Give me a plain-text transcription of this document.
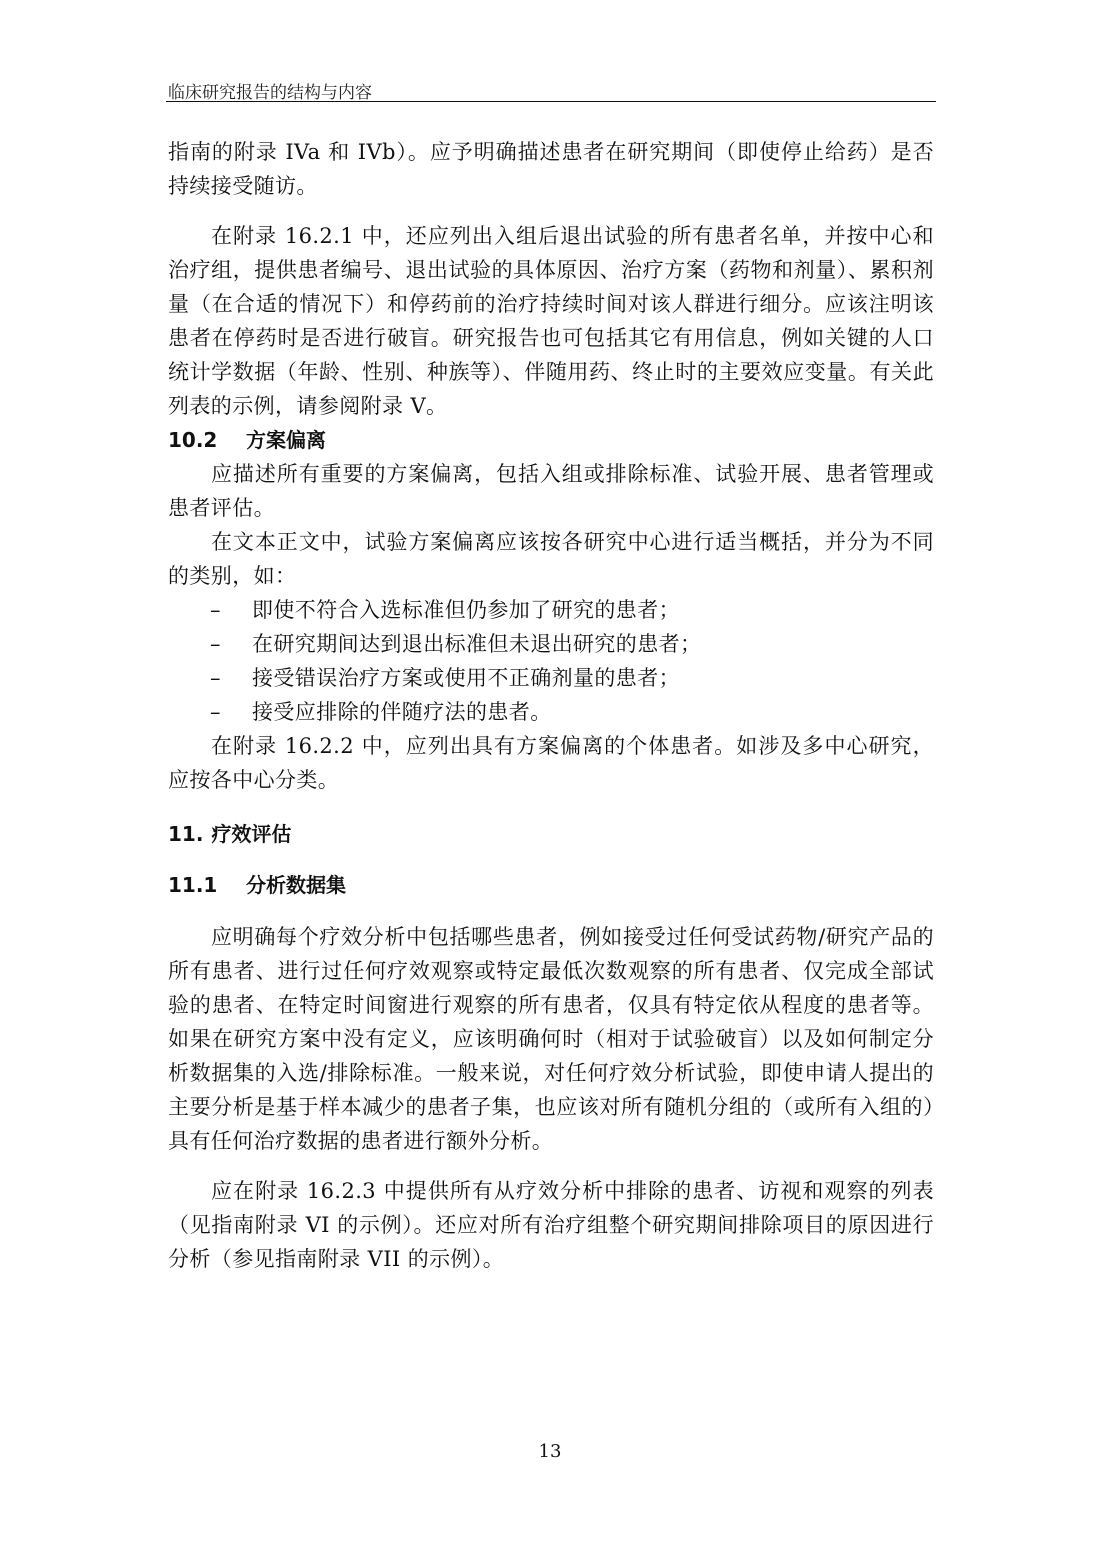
临床研究报告的结构与内容

指南的附录 IVa 和 IVb）。应予明确描述患者在研究期间（即使停止给药）是否持续接受随访。

在附录 16.2.1 中，还应列出入组后退出试验的所有患者名单，并按中心和治疗组，提供患者编号、退出试验的具体原因、治疗方案（药物和剂量）、累积剂量（在合适的情况下）和停药前的治疗持续时间对该人群进行细分。应该注明该患者在停药时是否进行破盲。研究报告也可包括其它有用信息，例如关键的人口统计学数据（年龄、性别、种族等）、伴随用药、终止时的主要效应变量。有关此列表的示例，请参阅附录 V。

10.2 方案偏离

应描述所有重要的方案偏离，包括入组或排除标准、试验开展、患者管理或患者评估。

在文本正文中，试验方案偏离应该按各研究中心进行适当概括，并分为不同的类别，如：

– 即使不符合入选标准但仍参加了研究的患者；
– 在研究期间达到退出标准但未退出研究的患者；
– 接受错误治疗方案或使用不正确剂量的患者；
– 接受应排除的伴随疗法的患者。

在附录 16.2.2 中，应列出具有方案偏离的个体患者。如涉及多中心研究，应按各中心分类。

11. 疗效评估

11.1 分析数据集

应明确每个疗效分析中包括哪些患者，例如接受过任何受试药物/研究产品的所有患者、进行过任何疗效观察或特定最低次数观察的所有患者、仅完成全部试验的患者、在特定时间窗进行观察的所有患者，仅具有特定依从程度的患者等。如果在研究方案中没有定义，应该明确何时（相对于试验破盲）以及如何制定分析数据集的入选/排除标准。一般来说，对任何疗效分析试验，即使申请人提出的主要分析是基于样本减少的患者子集，也应该对所有随机分组的（或所有入组的）具有任何治疗数据的患者进行额外分析。

应在附录 16.2.3 中提供所有从疗效分析中排除的患者、访视和观察的列表（见指南附录 VI 的示例）。还应对所有治疗组整个研究期间排除项目的原因进行分析（参见指南附录 VII 的示例）。

13
